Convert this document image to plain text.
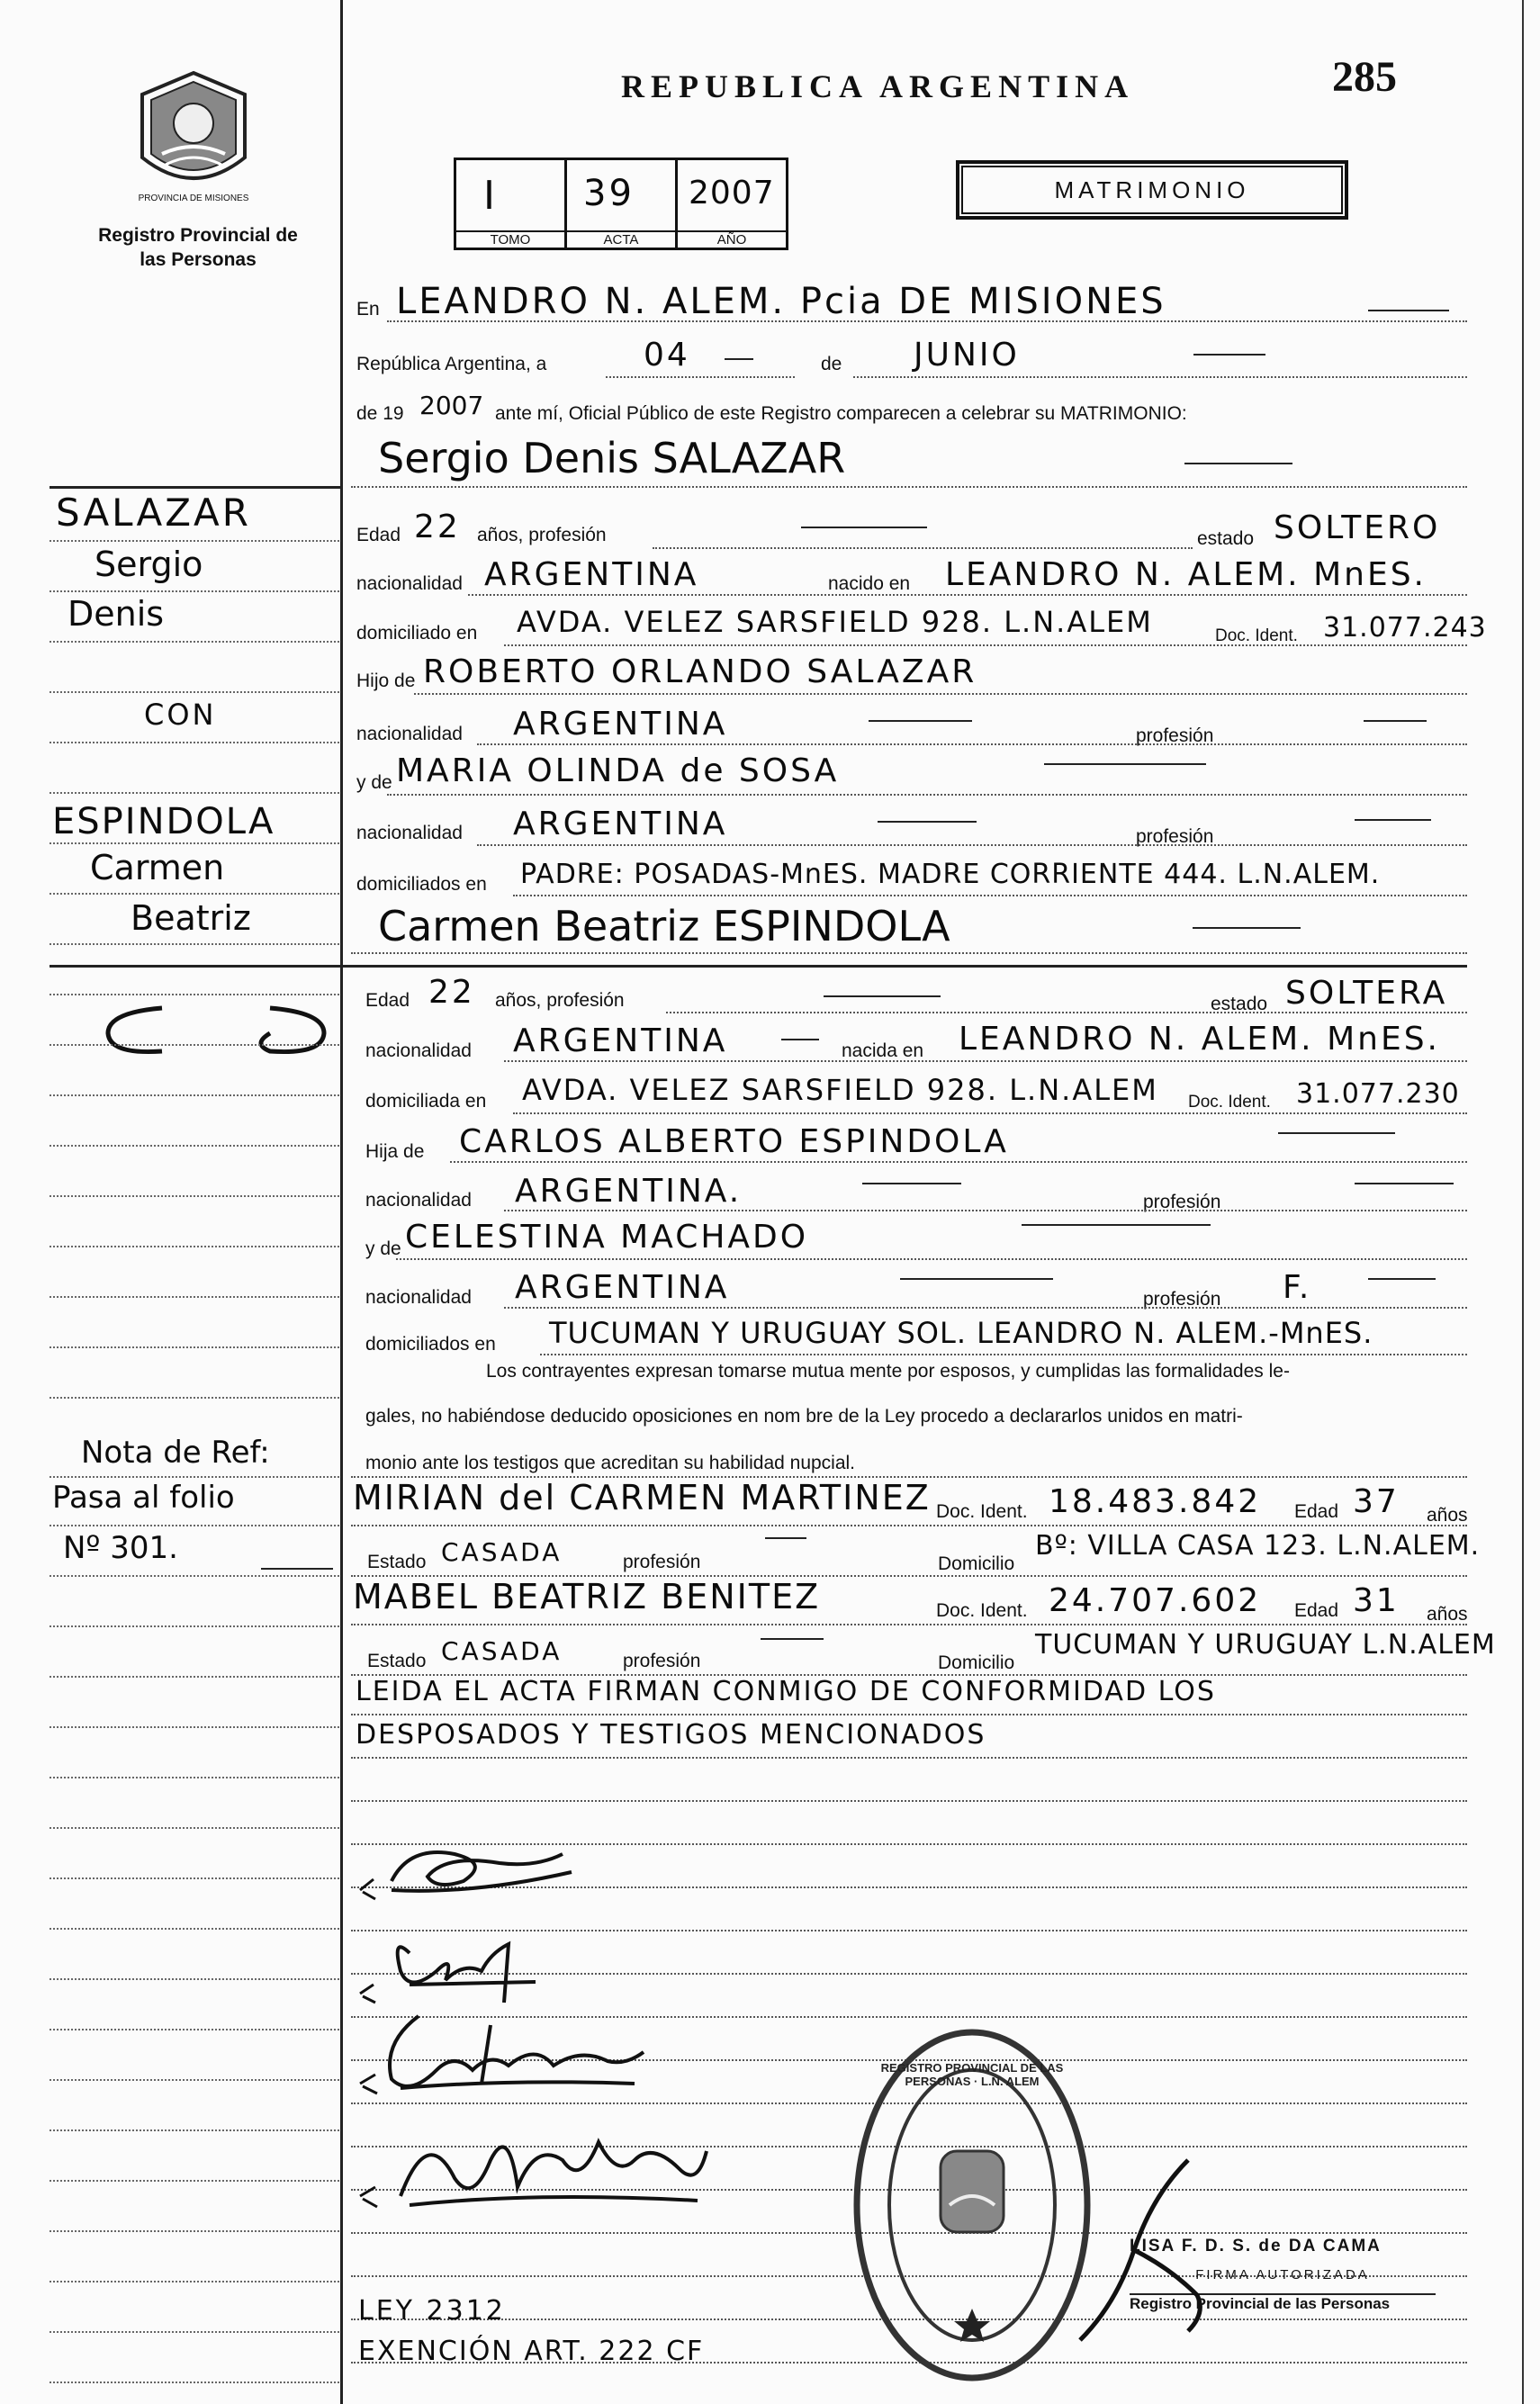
PROVINCIA DE MISIONES
Registro Provincial de las Personas
REPUBLICA ARGENTINA	285
MATRIMONIO
I
TOMO
39
ACTA
2007
AÑO
En LEANDRO N. ALEM. Pcia DE MISIONES
República Argentina, a	04	de JUNIO
de 19 2007 ante mí, Oficial Público de este Registro comparecen a celebrar su MATRIMONIO:
Sergio Denis SALAZAR
Edad 22 años, profesión	estado SOLTERO
nacionalidad ARGENTINA	nacido en LEANDRO N. ALEM. MnES.
domiciliado en AVDA. VELEZ SARSFIELD 928. L.N.ALEM	Doc. Ident. 31.077.243
Hijo de ROBERTO ORLANDO SALAZAR
nacionalidad ARGENTINA	profesión
y de MARIA OLINDA de SOSA
nacionalidad ARGENTINA	profesión
domiciliados en PADRE: POSADAS-MnES. MADRE CORRIENTE 444. L.N.ALEM.
Carmen Beatriz ESPINDOLA
Edad 22 años, profesión	estado SOLTERA
nacionalidad ARGENTINA	nacida en LEANDRO N. ALEM. MnES.
domiciliada en AVDA. VELEZ SARSFIELD 928. L.N.ALEM Doc. Ident. 31.077.230
Hija de CARLOS ALBERTO ESPINDOLA
nacionalidad ARGENTINA.	profesión
y de CELESTINA MACHADO
nacionalidad ARGENTINA	profesión F.
domiciliados en TUCUMAN Y URUGUAY SOL. LEANDRO N. ALEM.-MnES.
Los contrayentes expresan tomarse mutua mente por esposos, y cumplidas las formalidades le-
gales, no habiéndose deducido oposiciones en nom bre de la Ley procedo a declararlos unidos en matri-
monio ante los testigos que acreditan su habilidad nupcial.
MIRIAN del CARMEN MARTINEZ Doc. Ident. 18.483.842 Edad 37 años
Estado CASADA	profesión	Domicilio
Bº: VILLA CASA 123. L.N.ALEM.
MABEL BEATRIZ BENITEZ	Doc. Ident. 24.707.602 Edad 31 años
Estado CASADA	profesión	Domicilio
TUCUMAN Y URUGUAY L.N.ALEM
LEIDA EL ACTA FIRMAN CONMIGO DE CONFORMIDAD LOS
DESPOSADOS Y TESTIGOS MENCIONADOS
REGISTRO PROVINCIAL DE LAS PERSONAS · L.N. ALEM
LISA F. D. S. de DA CAMA
FIRMA AUTORIZADA
Registro Provincial de las Personas
LEY 2312
EXENCIÓN ART. 222 CF
SALAZAR
Sergio
Denis
CON
ESPINDOLA
Carmen
Beatriz
Nota de Ref:
Pasa al folio
Nº 301.
